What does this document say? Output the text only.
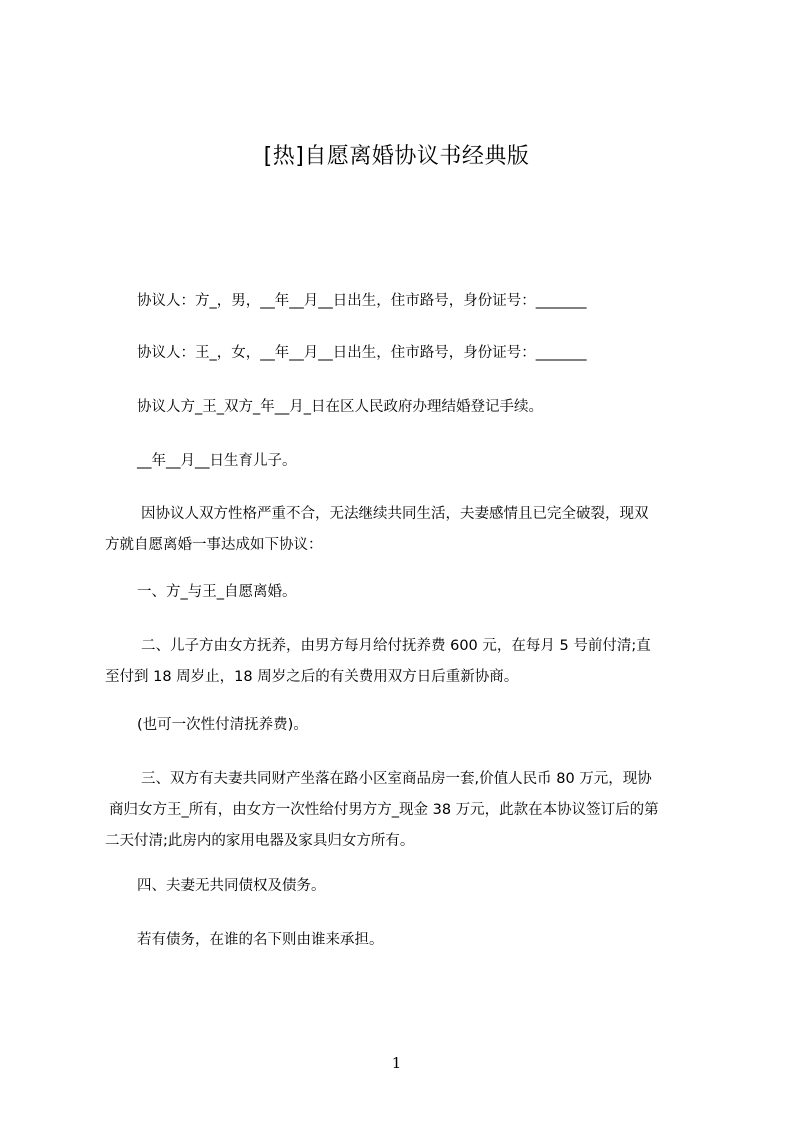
[热]自愿离婚协议书经典版
协议人：方_，男，__年__月__日出生，住市路号，身份证号：_______
协议人：王_，女，__年__月__日出生，住市路号，身份证号：_______
协议人方_王_双方_年__月_日在区人民政府办理结婚登记手续。
__年__月__日生育儿子。
因协议人双方性格严重不合，无法继续共同生活，夫妻感情且已完全破裂，现双
方就自愿离婚一事达成如下协议：
一、方_与王_自愿离婚。
二、儿子方由女方抚养，由男方每月给付抚养费 600 元，在每月 5 号前付清;直
至付到 18 周岁止，18 周岁之后的有关费用双方日后重新协商。
(也可一次性付清抚养费)。
三、双方有夫妻共同财产坐落在路小区室商品房一套,价值人民币 80 万元，现协
商归女方王_所有，由女方一次性给付男方方_现金 38 万元，此款在本协议签订后的第
二天付清;此房内的家用电器及家具归女方所有。
四、夫妻无共同债权及债务。
若有债务，在谁的名下则由谁来承担。
1
